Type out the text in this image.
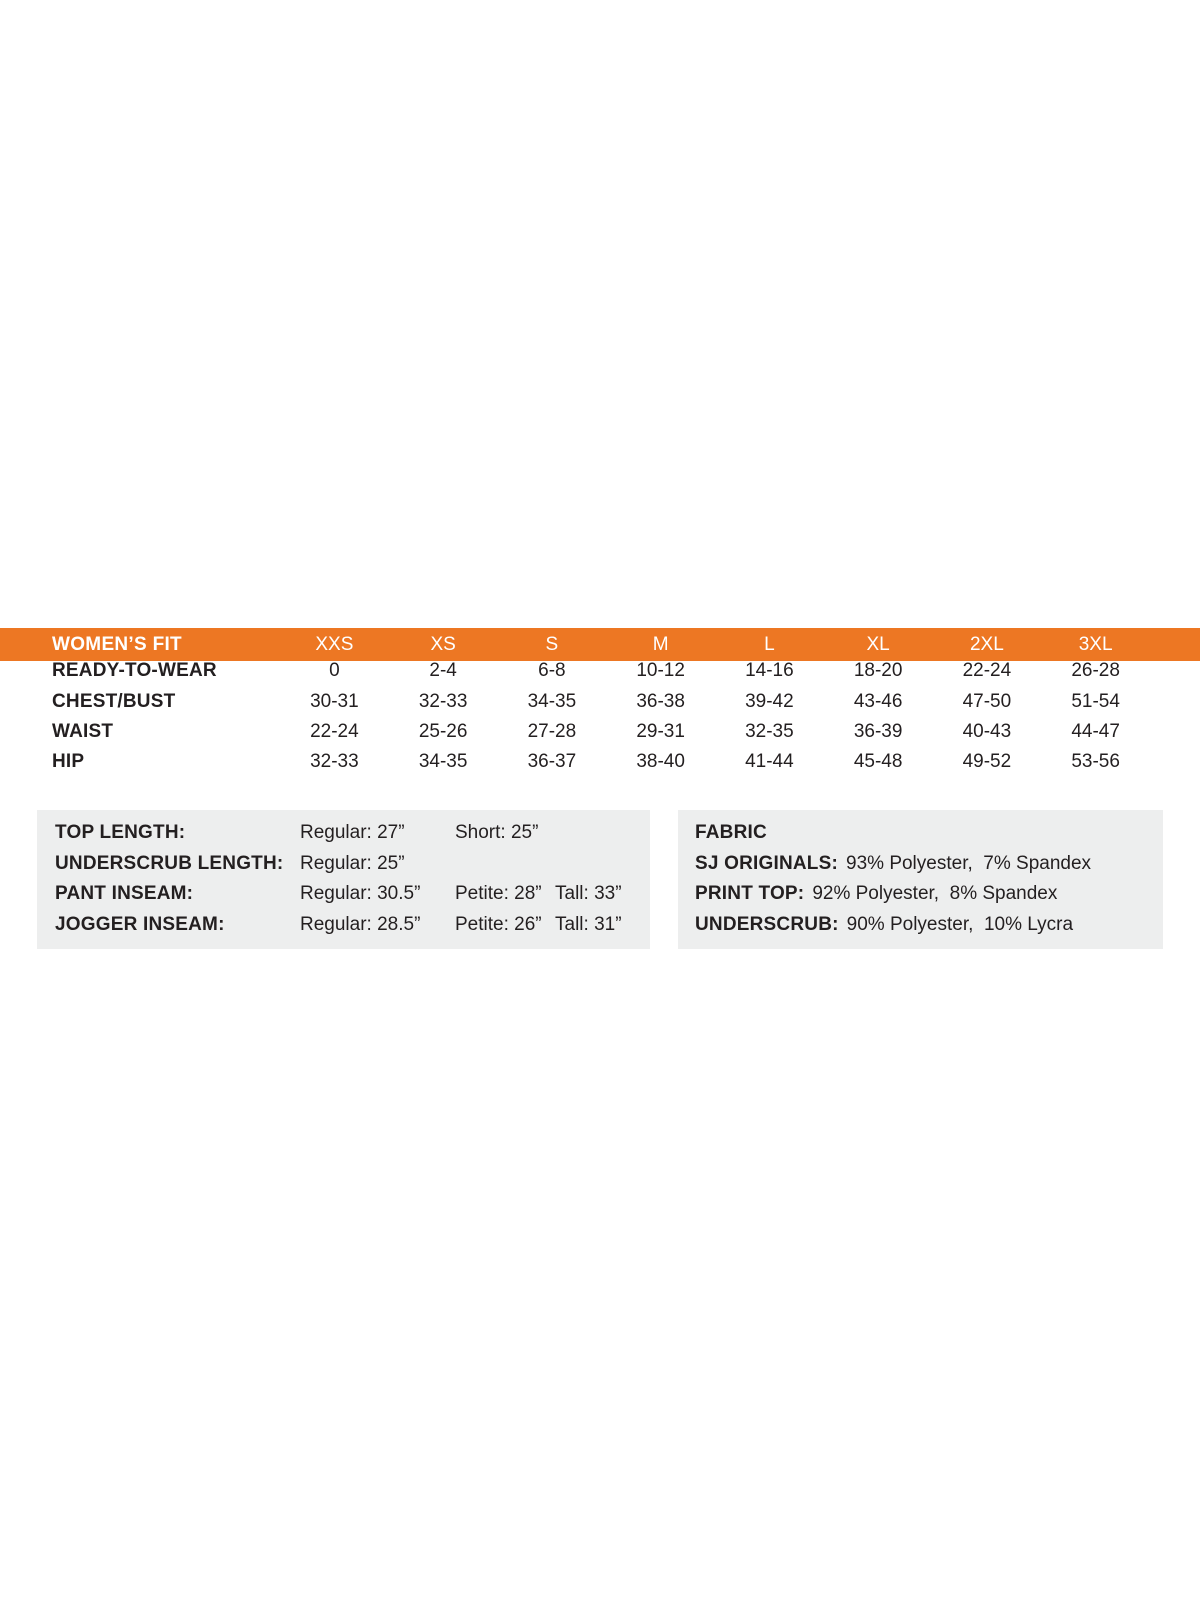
WOMEN’S FIT	XXS	XS	S	M	L	XL	2XL	3XL
READY-TO-WEAR	0	2-4	6-8	10-12	14-16	18-20	22-24	26-28
CHEST/BUST	30-31	32-33	34-35	36-38	39-42	43-46	47-50	51-54
WAIST	22-24	25-26	27-28	29-31	32-35	36-39	40-43	44-47
HIP	32-33	34-35	36-37	38-40	41-44	45-48	49-52	53-56
TOP LENGTH:	Regular: 27”	Short: 25”
UNDERSCRUB LENGTH: Regular: 25”
PANT INSEAM:	Regular: 30.5”	Petite: 28” Tall: 33”
JOGGER INSEAM:	Regular: 28.5”	Petite: 26” Tall: 31”
FABRIC
SJ ORIGINALS: 93% Polyester,  7% Spandex
PRINT TOP: 92% Polyester,  8% Spandex
UNDERSCRUB: 90% Polyester,  10% Lycra
